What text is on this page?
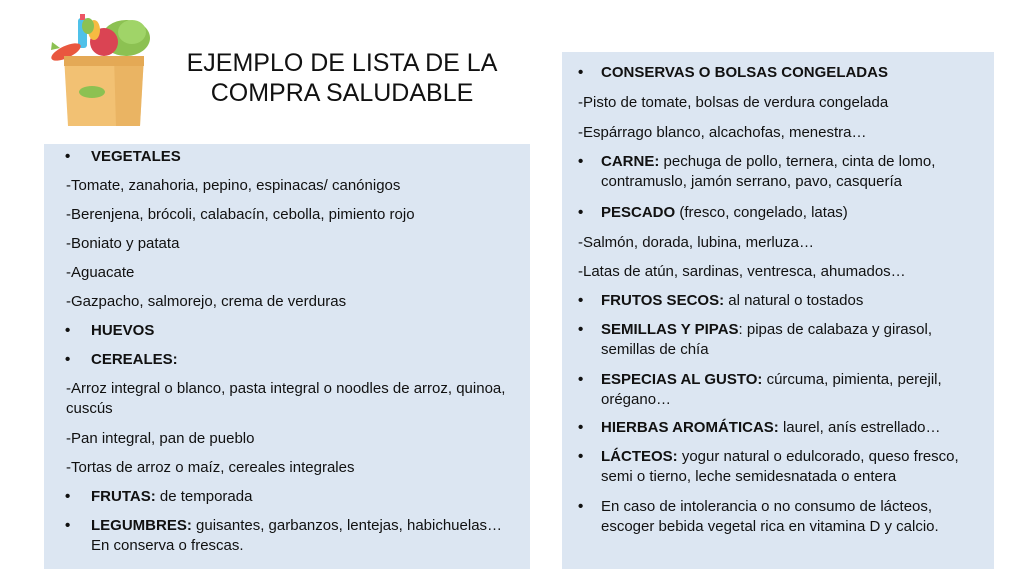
EJEMPLO DE LISTA DE LA
COMPRA SALUDABLE
• VEGETALES
-Tomate, zanahoria, pepino, espinacas/ canónigos
-Berenjena, brócoli, calabacín, cebolla, pimiento rojo
-Boniato y patata
-Aguacate
-Gazpacho, salmorejo, crema de verduras
• HUEVOS
• CEREALES:
-Arroz integral o blanco, pasta integral o noodles de arroz, quinoa, cuscús
-Pan integral, pan de pueblo
-Tortas de arroz o maíz, cereales integrales
• FRUTAS: de temporada
• LEGUMBRES: guisantes, garbanzos, lentejas, habichuelas… En conserva o frescas.
• CONSERVAS O BOLSAS CONGELADAS
-Pisto de tomate, bolsas de verdura congelada
-Espárrago blanco, alcachofas, menestra…
• CARNE: pechuga de pollo, ternera, cinta de lomo, contramuslo, jamón serrano, pavo, casquería
• PESCADO (fresco, congelado, latas)
-Salmón, dorada, lubina, merluza…
-Latas de atún, sardinas, ventresca, ahumados…
• FRUTOS SECOS: al natural o tostados
• SEMILLAS Y PIPAS: pipas de calabaza y girasol, semillas de chía
• ESPECIAS AL GUSTO: cúrcuma, pimienta, perejil, orégano…
• HIERBAS AROMÁTICAS: laurel, anís estrellado…
• LÁCTEOS: yogur natural o edulcorado, queso fresco, semi o tierno, leche semidesnatada o entera
• En caso de intolerancia o no consumo de lácteos, escoger bebida vegetal rica en vitamina D y calcio.
